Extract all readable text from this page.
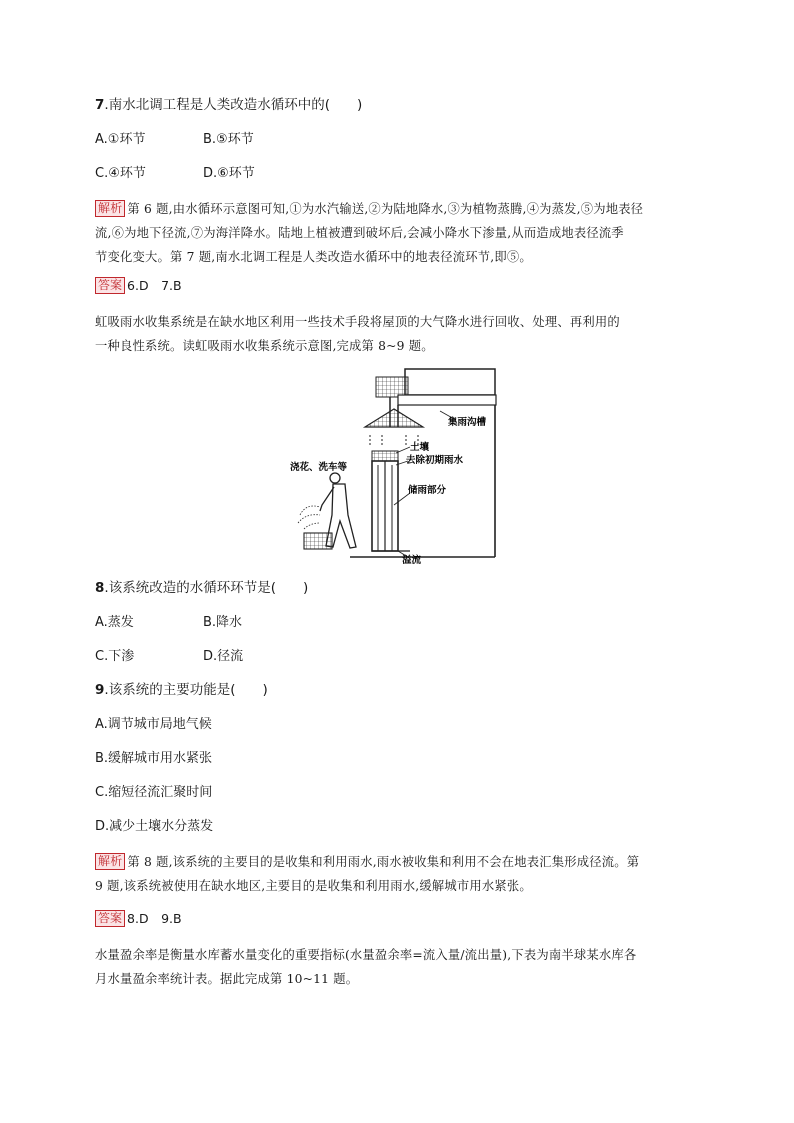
7.南水北调工程是人类改造水循环中的(　　)
A.①环节	B.⑤环节
C.④环节	D.⑥环节
解析 第 6 题,由水循环示意图可知,①为水汽输送,②为陆地降水,③为植物蒸腾,④为蒸发,⑤为地表径
流,⑥为地下径流,⑦为海洋降水。陆地上植被遭到破坏后,会减小降水下渗量,从而造成地表径流季
节变化变大。第 7 题,南水北调工程是人类改造水循环中的地表径流环节,即⑤。
答案 6.D　7.B
虹吸雨水收集系统是在缺水地区利用一些技术手段将屋顶的大气降水进行回收、处理、再利用的
一种良性系统。读虹吸雨水收集系统示意图,完成第 8~9 题。
集雨沟槽
土壤
去除初期雨水
储雨部分
浇花、洗车等
溢流
8.该系统改造的水循环环节是(　　)
A.蒸发	B.降水
C.下渗	D.径流
9.该系统的主要功能是(　　)
A.调节城市局地气候
B.缓解城市用水紧张
C.缩短径流汇聚时间
D.减少土壤水分蒸发
解析 第 8 题,该系统的主要目的是收集和利用雨水,雨水被收集和利用不会在地表汇集形成径流。第
9 题,该系统被使用在缺水地区,主要目的是收集和利用雨水,缓解城市用水紧张。
答案 8.D　9.B
水量盈余率是衡量水库蓄水量变化的重要指标(水量盈余率=流入量/流出量),下表为南半球某水库各
月水量盈余率统计表。据此完成第 10~11 题。
